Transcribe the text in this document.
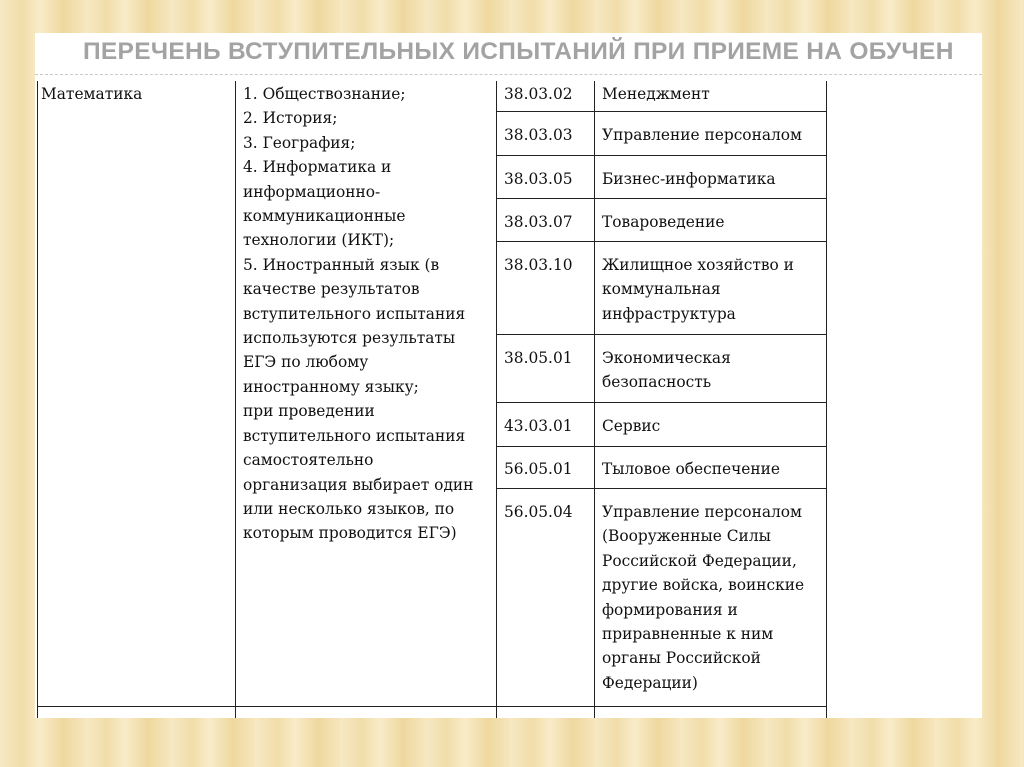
ПЕРЕЧЕНЬ ВСТУПИТЕЛЬНЫХ ИСПЫТАНИЙ ПРИ ПРИЕМЕ НА ОБУЧЕН
Математика	1. Обществознание;
2. История;
3. География;
4. Информатика и
информационно-
коммуникационные
технологии (ИКТ);
5. Иностранный язык (в
качестве результатов
вступительного испытания
используются результаты
ЕГЭ по любому
иностранному языку;
при проведении
вступительного испытания
самостоятельно
организация выбирает один
или несколько языков, по
которым проводится ЕГЭ)
38.03.02 Менеджмент
38.03.03 Управление персоналом
38.03.05 Бизнес-информатика
38.03.07 Товароведение
38.03.10 Жилищное хозяйство и
коммунальная
инфраструктура
38.05.01 Экономическая
безопасность
43.03.01 Сервис
56.05.01 Тыловое обеспечение
56.05.04 Управление персоналом
(Вооруженные Силы
Российской Федерации,
другие войска, воинские
формирования и
приравненные к ним
органы Российской
Федерации)
